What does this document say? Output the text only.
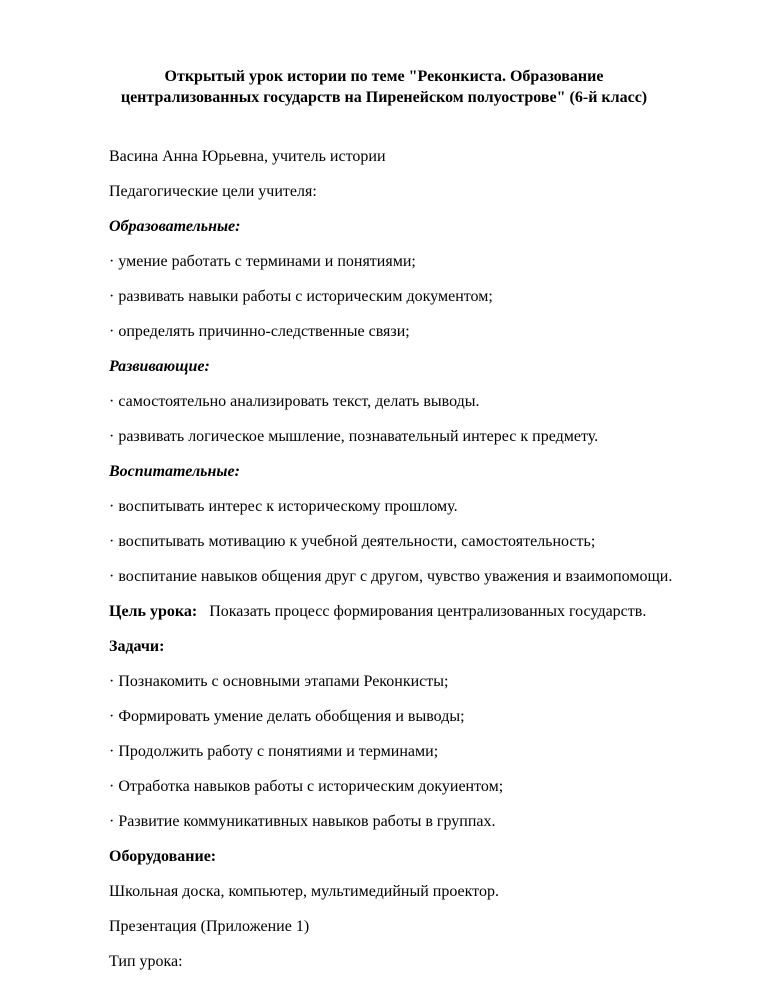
Открытый урок истории по теме "Реконкиста. Образование
централизованных государств на Пиренейском полуострове" (6-й класс)

Васина Анна Юрьевна, учитель истории

Педагогические цели учителя:

Образовательные:

· умение работать с терминами и понятиями;

· развивать навыки работы с историческим документом;

· определять причинно-следственные связи;

Развивающие:

· самостоятельно анализировать текст, делать выводы.

· развивать логическое мышление, познавательный интерес к предмету.

Воспитательные:

· воспитывать интерес к историческому прошлому.

· воспитывать мотивацию к учебной деятельности, самостоятельность;

· воспитание навыков общения друг с другом, чувство уважения и взаимопомощи.

Цель урока:   Показать процесс формирования централизованных государств.

Задачи:

· Познакомить с основными этапами Реконкисты;

· Формировать умение делать обобщения и выводы;

· Продолжить работу с понятиями и терминами;

· Отработка навыков работы с историческим докуиентом;

· Развитие коммуникативных навыков работы в группах.

Оборудование:

Школьная доска, компьютер, мультимедийный проектор.

Презентация (Приложение 1)

Тип урока:
